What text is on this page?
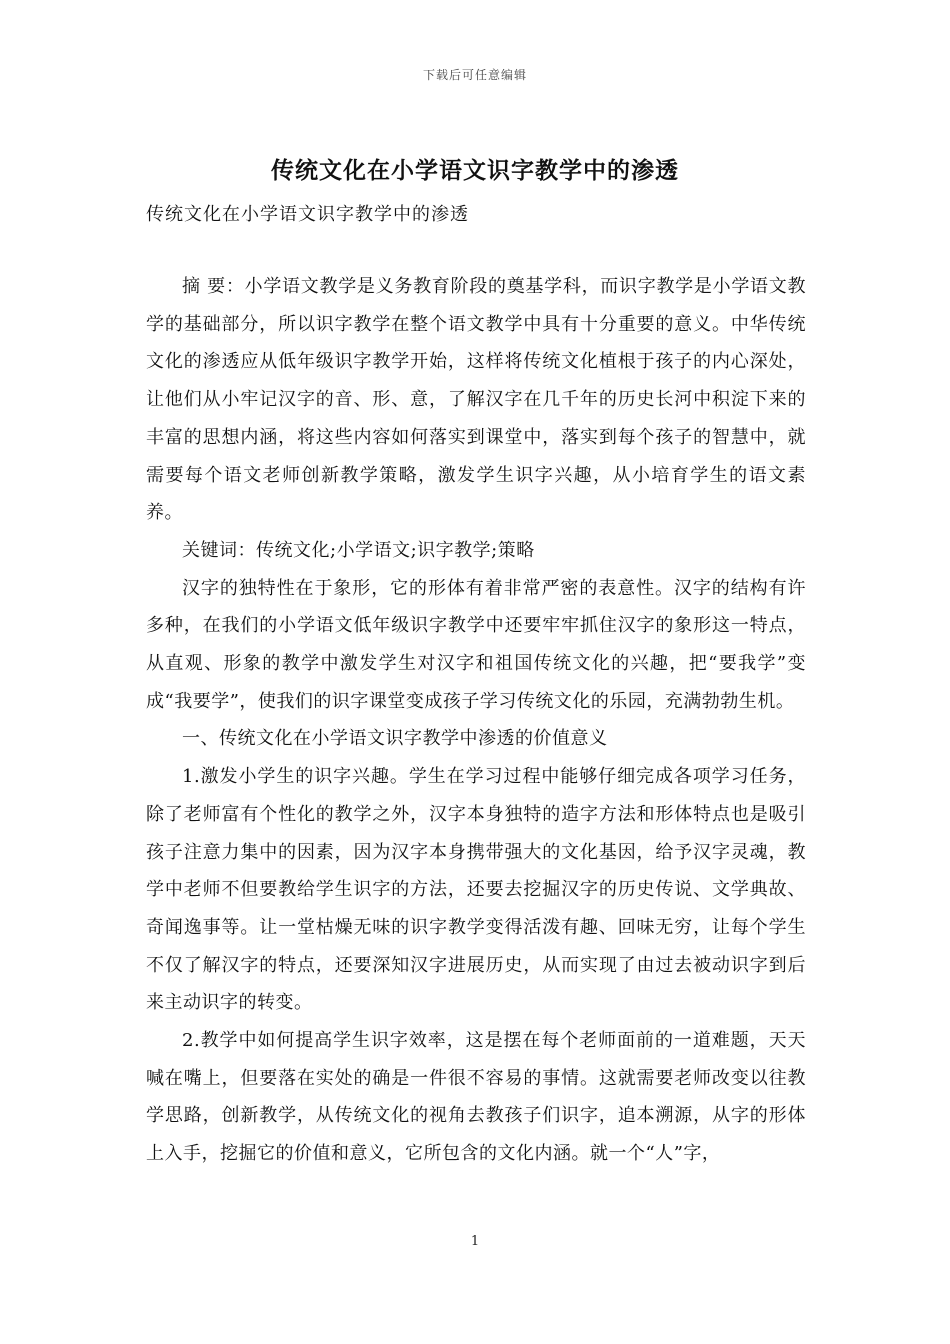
下载后可任意编辑
传统文化在小学语文识字教学中的渗透
传统文化在小学语文识字教学中的渗透

摘 要：小学语文教学是义务教育阶段的奠基学科，而识字教学是小学语文教学的基础部分，所以识字教学在整个语文教学中具有十分重要的意义。中华传统文化的渗透应从低年级识字教学开始，这样将传统文化植根于孩子的内心深处，让他们从小牢记汉字的音、形、意，了解汉字在几千年的历史长河中积淀下来的丰富的思想内涵，将这些内容如何落实到课堂中，落实到每个孩子的智慧中，就需要每个语文老师创新教学策略，激发学生识字兴趣，从小培育学生的语文素养。

关键词：传统文化;小学语文;识字教学;策略

汉字的独特性在于象形，它的形体有着非常严密的表意性。汉字的结构有许多种，在我们的小学语文低年级识字教学中还要牢牢抓住汉字的象形这一特点，从直观、形象的教学中激发学生对汉字和祖国传统文化的兴趣，把“要我学”变成“我要学”，使我们的识字课堂变成孩子学习传统文化的乐园，充满勃勃生机。

一、传统文化在小学语文识字教学中渗透的价值意义

1.激发小学生的识字兴趣。学生在学习过程中能够仔细完成各项学习任务，除了老师富有个性化的教学之外，汉字本身独特的造字方法和形体特点也是吸引孩子注意力集中的因素，因为汉字本身携带强大的文化基因，给予汉字灵魂，教学中老师不但要教给学生识字的方法，还要去挖掘汉字的历史传说、文学典故、奇闻逸事等。让一堂枯燥无味的识字教学变得活泼有趣、回味无穷，让每个学生不仅了解汉字的特点，还要深知汉字进展历史，从而实现了由过去被动识字到后来主动识字的转变。

2.教学中如何提高学生识字效率，这是摆在每个老师面前的一道难题，天天喊在嘴上，但要落在实处的确是一件很不容易的事情。这就需要老师改变以往教学思路，创新教学，从传统文化的视角去教孩子们识字，追本溯源，从字的形体上入手，挖掘它的价值和意义，它所包含的文化内涵。就一个“人”字，

1
